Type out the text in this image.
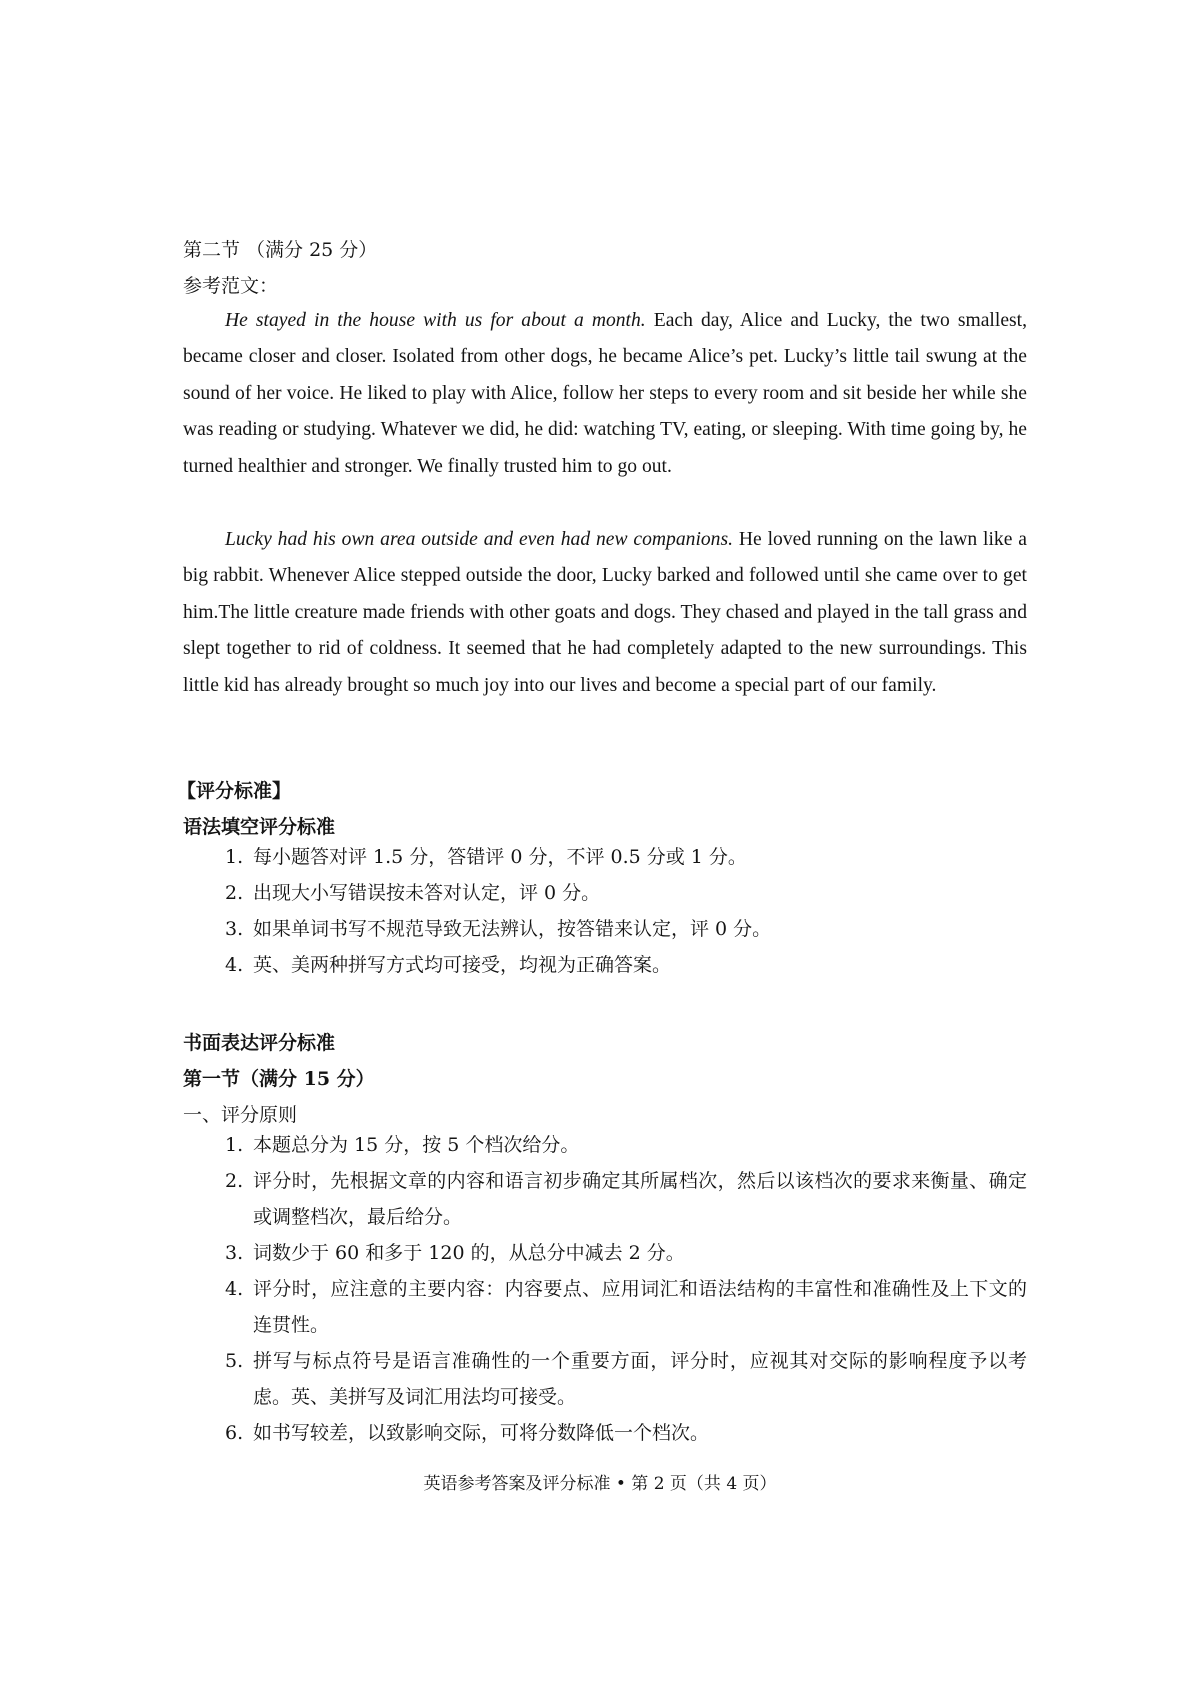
第二节 （满分 25 分）
参考范文：
He stayed in the house with us for about a month. Each day, Alice and Lucky, the two smallest, became closer and closer. Isolated from other dogs, he became Alice’s pet. Lucky’s little tail swung at the sound of her voice. He liked to play with Alice, follow her steps to every room and sit beside her while she was reading or studying. Whatever we did, he did: watching TV, eating, or sleeping. With time going by, he turned healthier and stronger. We finally trusted him to go out.
Lucky had his own area outside and even had new companions. He loved running on the lawn like a big rabbit. Whenever Alice stepped outside the door, Lucky barked and followed until she came over to get him.The little creature made friends with other goats and dogs. They chased and played in the tall grass and slept together to rid of coldness. It seemed that he had completely adapted to the new surroundings. This little kid has already brought so much joy into our lives and become a special part of our family.
【评分标准】
语法填空评分标准
1. 每小题答对评 1.5 分，答错评 0 分，不评 0.5 分或 1 分。
2. 出现大小写错误按未答对认定，评 0 分。
3. 如果单词书写不规范导致无法辨认，按答错来认定，评 0 分。
4. 英、美两种拼写方式均可接受，均视为正确答案。
书面表达评分标准
第一节（满分 15 分）
一、评分原则
1. 本题总分为 15 分，按 5 个档次给分。
2. 评分时，先根据文章的内容和语言初步确定其所属档次，然后以该档次的要求来衡量、确定或调整档次，最后给分。
3. 词数少于 60 和多于 120 的，从总分中减去 2 分。
4. 评分时，应注意的主要内容：内容要点、应用词汇和语法结构的丰富性和准确性及上下文的连贯性。
5. 拼写与标点符号是语言准确性的一个重要方面，评分时，应视其对交际的影响程度予以考虑。英、美拼写及词汇用法均可接受。
6. 如书写较差，以致影响交际，可将分数降低一个档次。
英语参考答案及评分标准 • 第 2 页（共 4 页）
